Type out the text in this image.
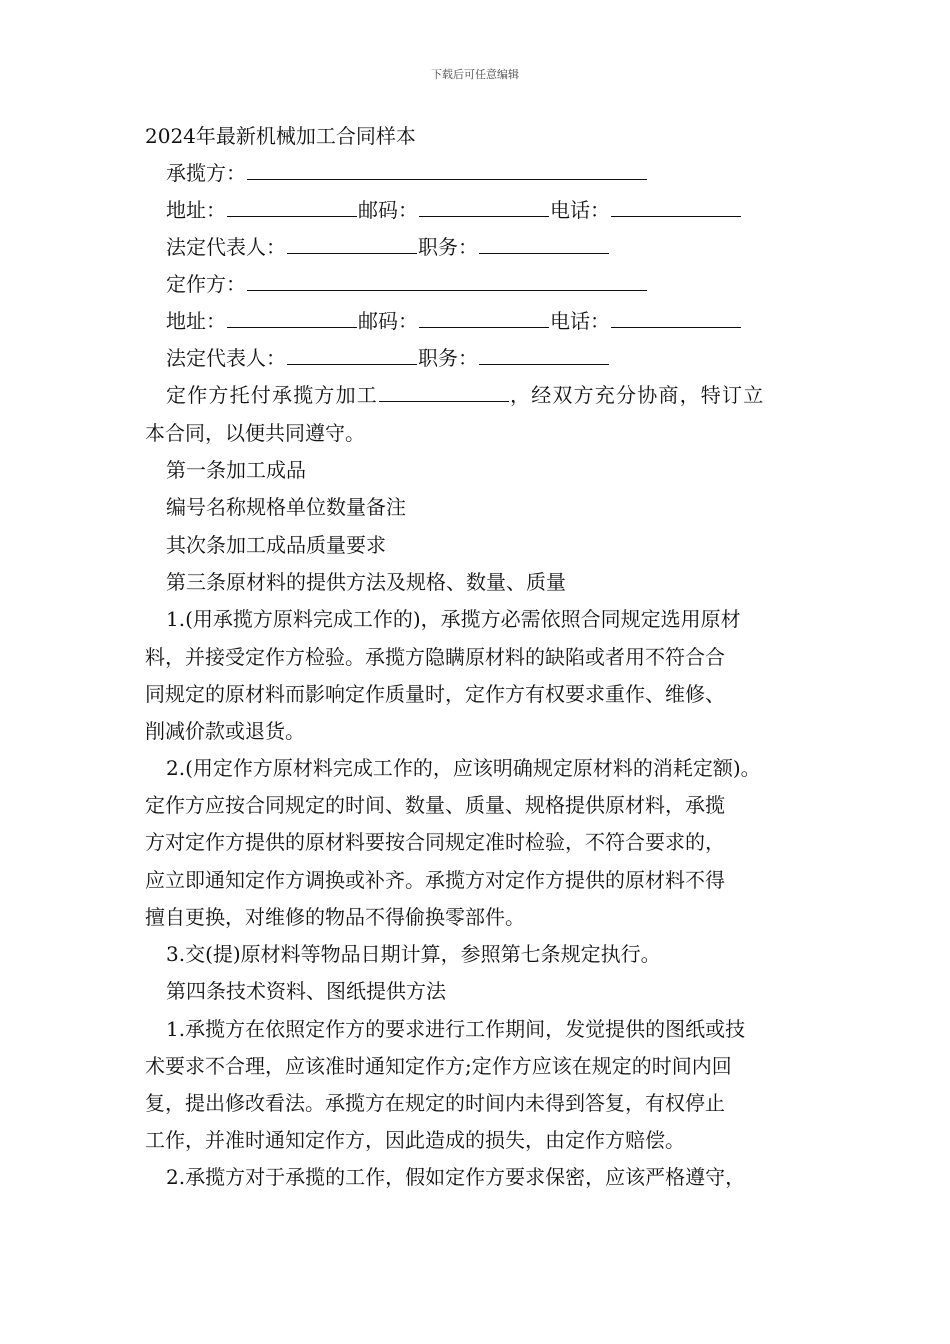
下载后可任意编辑
2024年最新机械加工合同样本
承揽方：
地址：	邮码：	电话：
法定代表人：	职务：
定作方：
地址：	邮码：	电话：
法定代表人：	职务：
定作方托付承揽方加工	，经双方充分协商，特订立
本合同，以便共同遵守。
第一条加工成品
编号名称规格单位数量备注
其次条加工成品质量要求
第三条原材料的提供方法及规格、数量、质量
1.(用承揽方原料完成工作的)，承揽方必需依照合同规定选用原材
料，并接受定作方检验。承揽方隐瞒原材料的缺陷或者用不符合合
同规定的原材料而影响定作质量时，定作方有权要求重作、维修、
削减价款或退货。
2.(用定作方原材料完成工作的，应该明确规定原材料的消耗定额)。
定作方应按合同规定的时间、数量、质量、规格提供原材料，承揽
方对定作方提供的原材料要按合同规定准时检验，不符合要求的，
应立即通知定作方调换或补齐。承揽方对定作方提供的原材料不得
擅自更换，对维修的物品不得偷换零部件。
3.交(提)原材料等物品日期计算，参照第七条规定执行。
第四条技术资料、图纸提供方法
1.承揽方在依照定作方的要求进行工作期间，发觉提供的图纸或技
术要求不合理，应该准时通知定作方;定作方应该在规定的时间内回
复，提出修改看法。承揽方在规定的时间内未得到答复，有权停止
工作，并准时通知定作方，因此造成的损失，由定作方赔偿。
2.承揽方对于承揽的工作，假如定作方要求保密，应该严格遵守，
